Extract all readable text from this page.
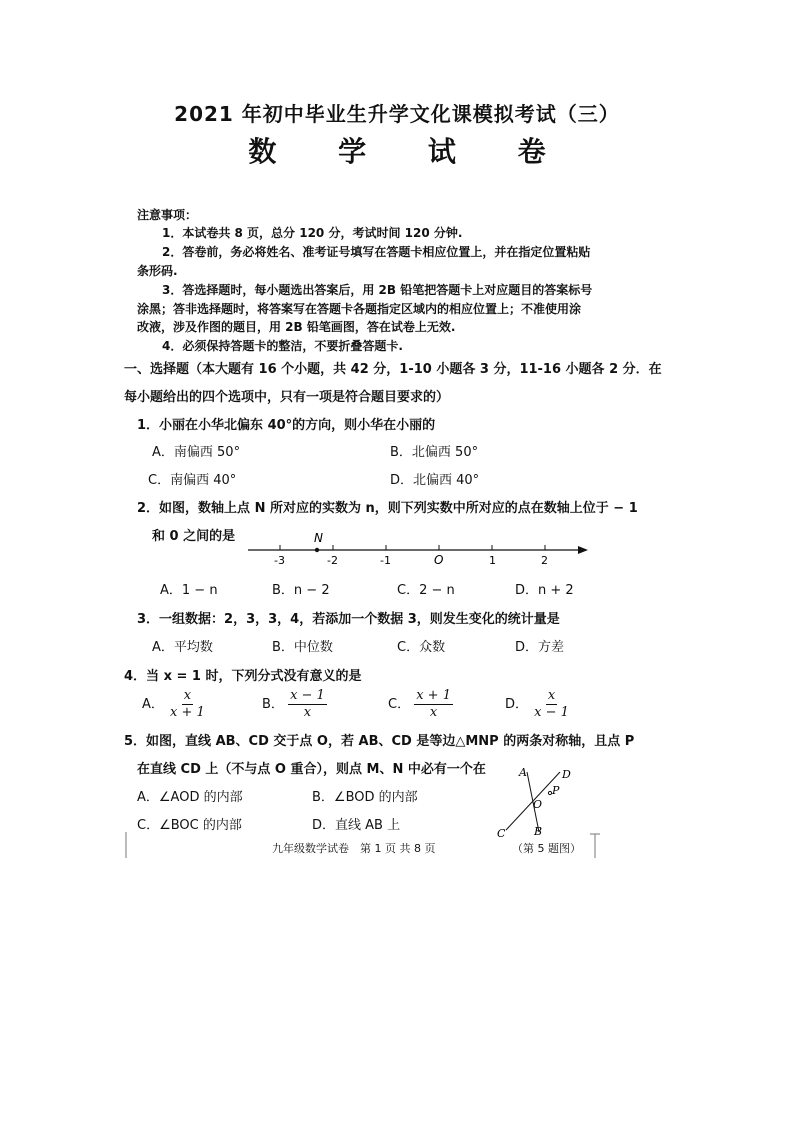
2021 年初中毕业生升学文化课模拟考试（三）
数 学 试 卷
注意事项：
1．本试卷共 8 页，总分 120 分，考试时间 120 分钟.
2．答卷前，务必将姓名、准考证号填写在答题卡相应位置上，并在指定位置粘贴
条形码.
3．答选择题时，每小题选出答案后，用 2B 铅笔把答题卡上对应题目的答案标号
涂黑；答非选择题时，将答案写在答题卡各题指定区域内的相应位置上；不准使用涂
改液，涉及作图的题目，用 2B 铅笔画图，答在试卷上无效.
4．必须保持答题卡的整洁，不要折叠答题卡.
一、选择题（本大题有 16 个小题，共 42 分，1-10 小题各 3 分，11-16 小题各 2 分．在
每小题给出的四个选项中，只有一项是符合题目要求的）
1．小丽在小华北偏东 40°的方向，则小华在小丽的
A．南偏西 50°	B．北偏西 50°
C．南偏西 40°	D．北偏西 40°
2．如图，数轴上点 N 所对应的实数为 n，则下列实数中所对应的点在数轴上位于 − 1
和 0 之间的是	N
-3	-2	-1	O	1	2
A．1 − n	B．n − 2	C．2 − n	D．n + 2
3．一组数据：2，3，3，4，若添加一个数据 3，则发生变化的统计量是
A．平均数	B．中位数	C．众数	D．方差
4．当 x = 1 时，下列分式没有意义的是
A． $\frac{x}{x + 1}$	B． $\frac{x - 1}{x}$	C． $\frac{x + 1}{x}$	D． $\frac{x}{x - 1}$
5．如图，直线 AB、CD 交于点 O，若 AB、CD 是等边△MNP 的两条对称轴，且点 P
在直线 CD 上（不与点 O 重合），则点 M、N 中必有一个在
A．∠AOD 的内部	B．∠BOD 的内部
C．∠BOC 的内部	D．直线 AB 上
A	D
P
O
B
C
九年级数学试卷　第 1 页 共 8 页	（第 5 题图）
